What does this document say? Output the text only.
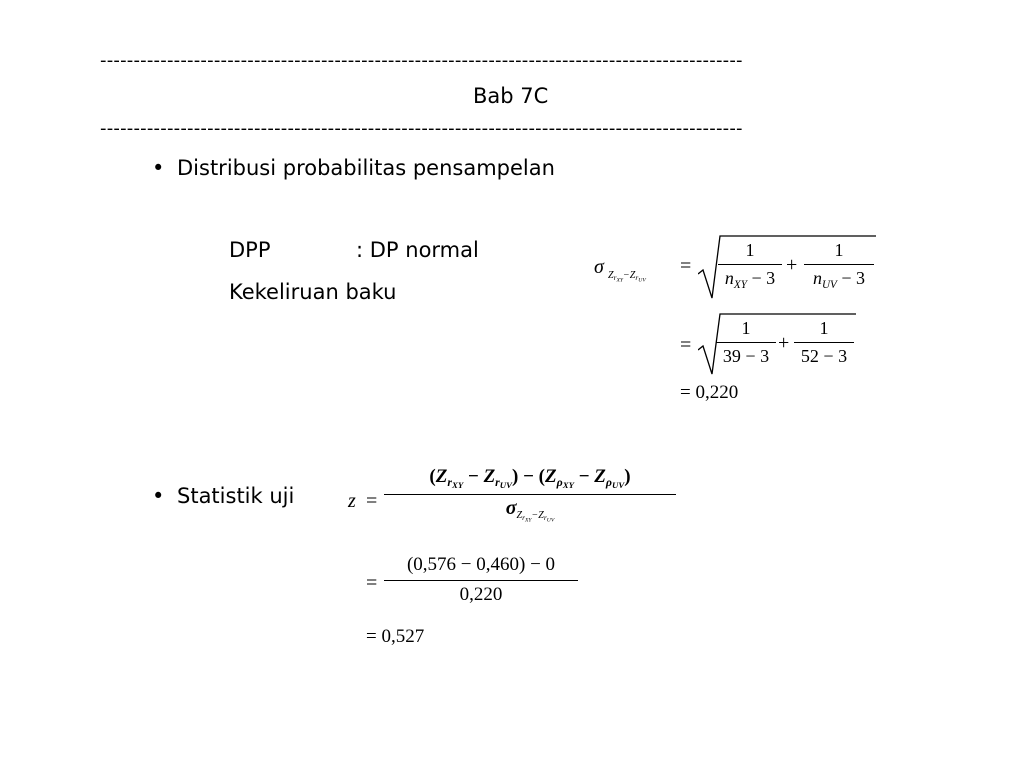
------------------------------------------------------------------------------------------------
Bab 7C
------------------------------------------------------------------------------------------------
• Distribusi probabilitas pensampelan
DPP	: DP normal
Kekeliruan baku
σ ZrXY−ZrUV
=
1
$n_{XY} - 3$
+
1
$n_{UV} - 3$
= $\frac{1}{39 - 3} + \frac{1}{52 - 3}$
= 0,220
• Statistik uji	z =
$(Z_{rXY} - Z_{rUV}) - (Z_{\rho XY} - Z_{\rho UV})$
$\sigma_{ZrXY-ZrUV}$
= $\frac{(0,576 - 0,460) - 0}{0,220}$
= 0,527
